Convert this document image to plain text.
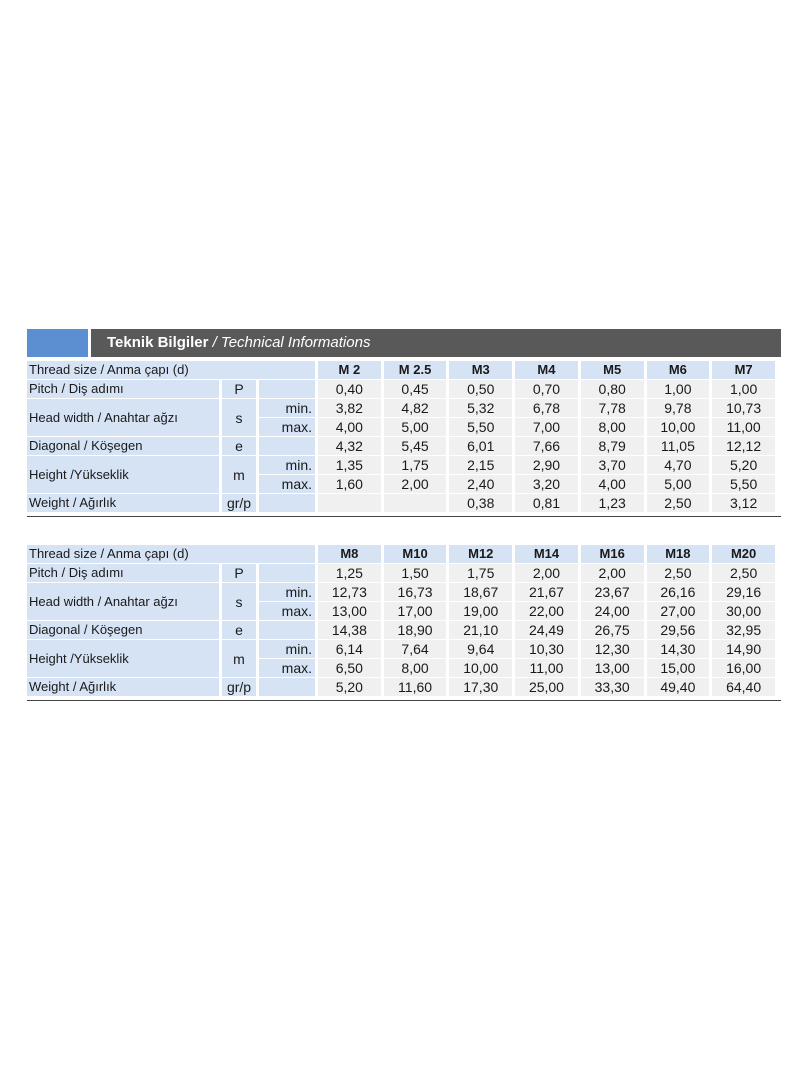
Teknik Bilgiler / Technical Informations
Thread size / Anma çapı (d)			M 2	M 2.5	M3	M4	M5	M6	M7
Pitch / Diş adımı	P		0,40	0,45	0,50	0,70	0,80	1,00	1,00
Head width / Anahtar ağzı	s	min.	3,82	4,82	5,32	6,78	7,78	9,78	10,73
		max.	4,00	5,00	5,50	7,00	8,00	10,00	11,00
Diagonal / Köşegen	e		4,32	5,45	6,01	7,66	8,79	11,05	12,12
Height /Yükseklik	m	min.	1,35	1,75	2,15	2,90	3,70	4,70	5,20
		max.	1,60	2,00	2,40	3,20	4,00	5,00	5,50
Weight / Ağırlık	gr/p				0,38	0,81	1,23	2,50	3,12
Thread size / Anma çapı (d)			M8	M10	M12	M14	M16	M18	M20
Pitch / Diş adımı	P		1,25	1,50	1,75	2,00	2,00	2,50	2,50
Head width / Anahtar ağzı	s	min.	12,73	16,73	18,67	21,67	23,67	26,16	29,16
		max.	13,00	17,00	19,00	22,00	24,00	27,00	30,00
Diagonal / Köşegen	e		14,38	18,90	21,10	24,49	26,75	29,56	32,95
Height /Yükseklik	m	min.	6,14	7,64	9,64	10,30	12,30	14,30	14,90
		max.	6,50	8,00	10,00	11,00	13,00	15,00	16,00
Weight / Ağırlık	gr/p		5,20	11,60	17,30	25,00	33,30	49,40	64,40
